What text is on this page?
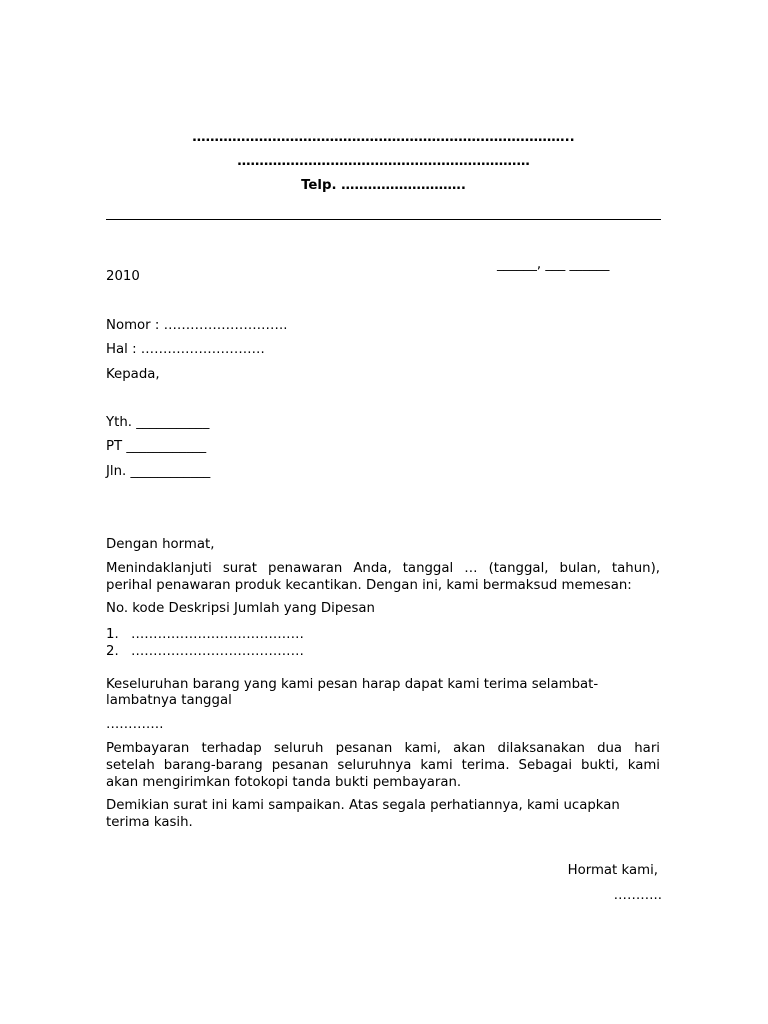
…………………………………………………………………………..
…………………………………………………………
Telp. ……………………….
______, ___ ______
2010
Nomor : ……………………….
Hal : ……………………….
Kepada,
Yth. ___________
PT ____________
Jln. ____________
Dengan hormat,
Menindaklanjuti surat penawaran Anda, tanggal … (tanggal, bulan, tahun),
perihal penawaran produk kecantikan. Dengan ini, kami bermaksud memesan:
No. kode Deskripsi Jumlah yang Dipesan
1. …………………………………
2. …………………………………
Keseluruhan barang yang kami pesan harap dapat kami terima selambat-
lambatnya tanggal
………….
Pembayaran terhadap seluruh pesanan kami, akan dilaksanakan dua hari
setelah barang-barang pesanan seluruhnya kami terima. Sebagai bukti, kami
akan mengirimkan fotokopi tanda bukti pembayaran.
Demikian surat ini kami sampaikan. Atas segala perhatiannya, kami ucapkan
terima kasih.
Hormat kami,
………..
